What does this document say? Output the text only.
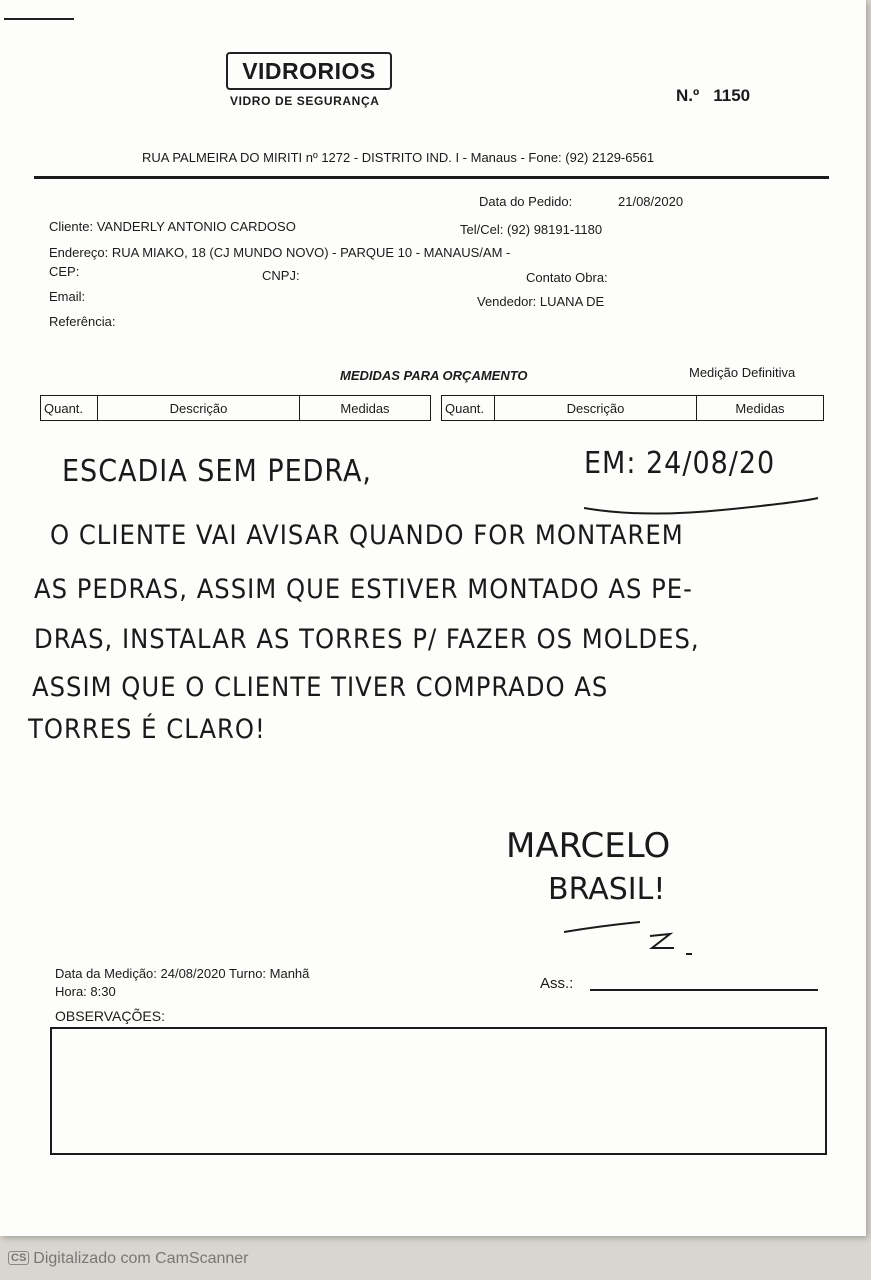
VIDRORIOS
VIDRO DE SEGURANÇA	N.º 1150
RUA PALMEIRA DO MIRITI nº 1272 - DISTRITO IND. I - Manaus - Fone: (92) 2129-6561
Data do Pedido:	21/08/2020
Cliente: VANDERLY ANTONIO CARDOSO	Tel/Cel: (92) 98191-1180
Endereço: RUA MIAKO, 18 (CJ MUNDO NOVO) - PARQUE 10 - MANAUS/AM -
CEP:	CNPJ:	Contato Obra:
Email:	Vendedor: LUANA DE
Referência:
MEDIDAS PARA ORÇAMENTO	Medição Definitiva
Quant.	Descrição	Medidas	Quant.	Descrição	Medidas
ESCADIA SEM PEDRA,	EM: 24/08/20
O CLIENTE VAI AVISAR QUANDO FOR MONTAREM
AS PEDRAS, ASSIM QUE ESTIVER MONTADO AS PE-
DRAS, INSTALAR AS TORRES P/ FAZER OS MOLDES,
ASSIM QUE O CLIENTE TIVER COMPRADO AS
TORRES É CLARO!
MARCELO
BRASIL!
Data da Medição: 24/08/2020 Turno: Manhã
Hora: 8:30	Ass.:
OBSERVAÇÕES:
CS Digitalizado com CamScanner
